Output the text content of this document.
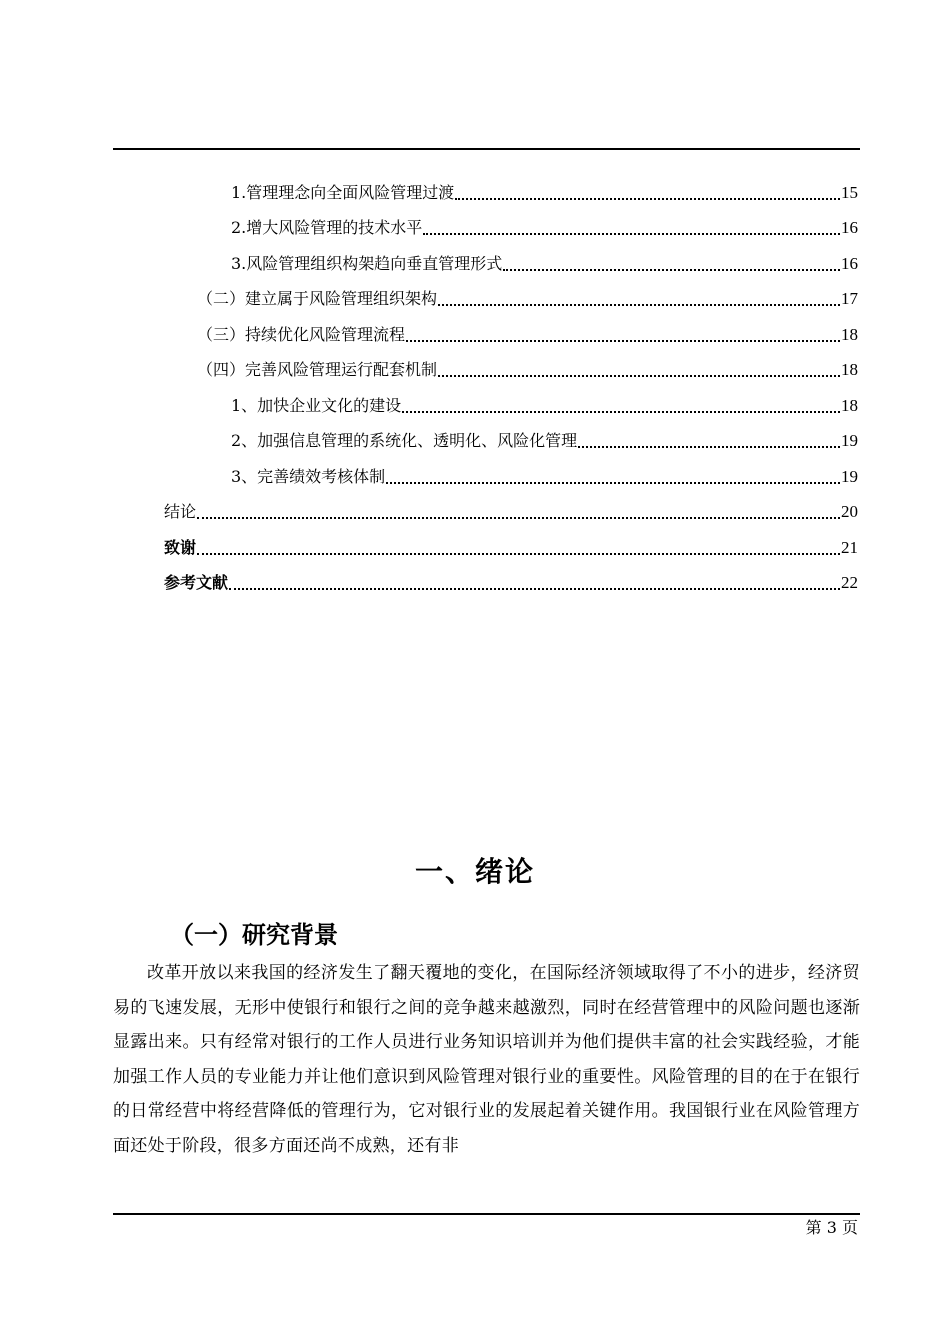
1.管理理念向全面风险管理过渡	15
2.增大风险管理的技术水平	16
3.风险管理组织构架趋向垂直管理形式	16
（二）建立属于风险管理组织架构	17
（三）持续优化风险管理流程	18
（四）完善风险管理运行配套机制	18
1、加快企业文化的建设	18
2、加强信息管理的系统化、透明化、风险化管理	19
3、完善绩效考核体制	19
结论	20
致谢	21
参考文献	22
一、绪论
（一）研究背景

改革开放以来我国的经济发生了翻天覆地的变化，在国际经济领域取得了不小的进步，经济贸易的飞速发展，无形中使银行和银行之间的竞争越来越激烈，同时在经营管理中的风险问题也逐渐显露出来。只有经常对银行的工作人员进行业务知识培训并为他们提供丰富的社会实践经验，才能加强工作人员的专业能力并让他们意识到风险管理对银行业的重要性。风险管理的目的在于在银行的日常经营中将经营降低的管理行为，它对银行业的发展起着关键作用。我国银行业在风险管理方面还处于阶段，很多方面还尚不成熟，还有非

第 3 页
